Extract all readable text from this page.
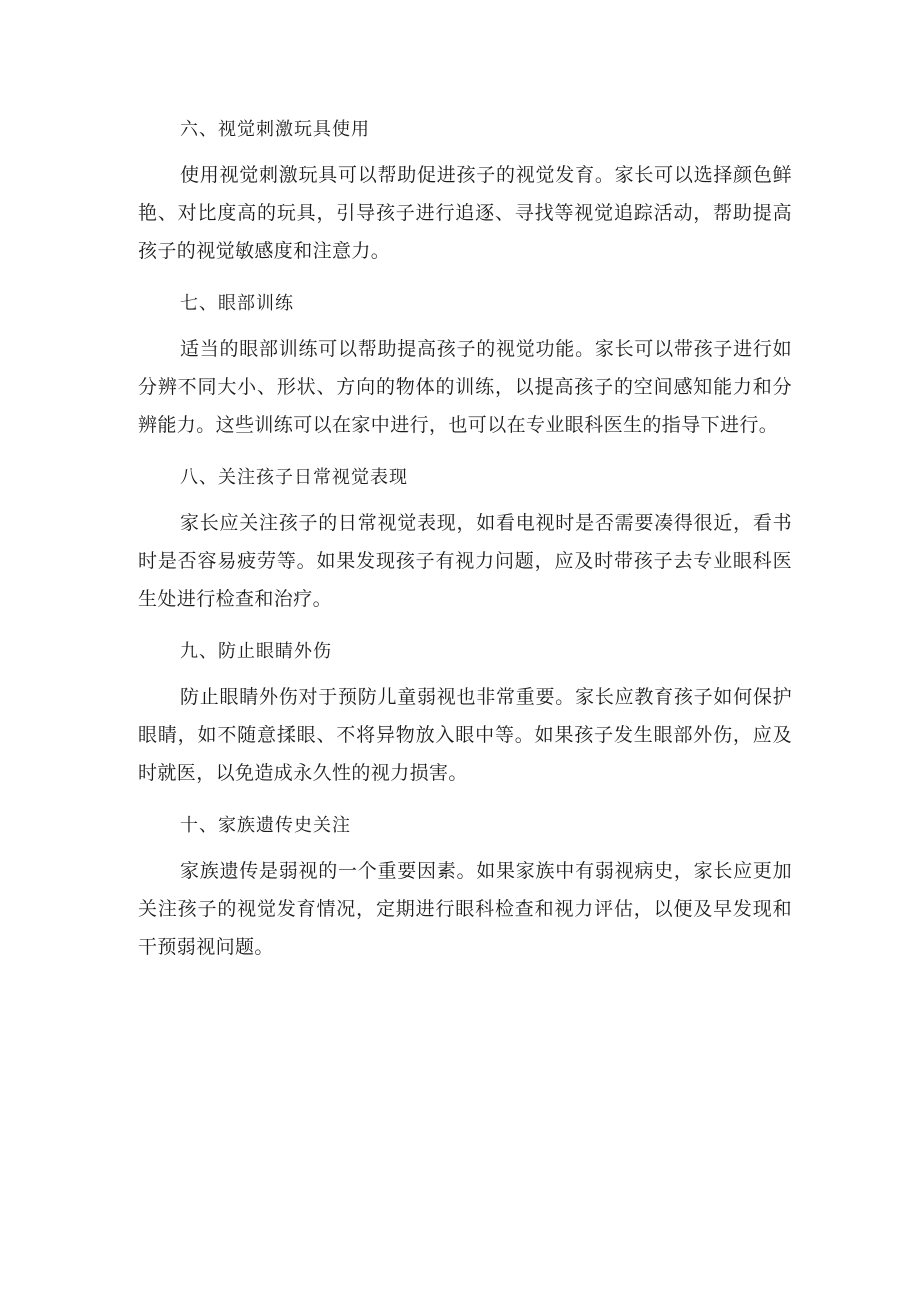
六、视觉刺激玩具使用

使用视觉刺激玩具可以帮助促进孩子的视觉发育。家长可以选择颜色鲜艳、对比度高的玩具，引导孩子进行追逐、寻找等视觉追踪活动，帮助提高孩子的视觉敏感度和注意力。

七、眼部训练

适当的眼部训练可以帮助提高孩子的视觉功能。家长可以带孩子进行如分辨不同大小、形状、方向的物体的训练，以提高孩子的空间感知能力和分辨能力。这些训练可以在家中进行，也可以在专业眼科医生的指导下进行。

八、关注孩子日常视觉表现

家长应关注孩子的日常视觉表现，如看电视时是否需要凑得很近，看书时是否容易疲劳等。如果发现孩子有视力问题，应及时带孩子去专业眼科医生处进行检查和治疗。

九、防止眼睛外伤

防止眼睛外伤对于预防儿童弱视也非常重要。家长应教育孩子如何保护眼睛，如不随意揉眼、不将异物放入眼中等。如果孩子发生眼部外伤，应及时就医，以免造成永久性的视力损害。

十、家族遗传史关注

家族遗传是弱视的一个重要因素。如果家族中有弱视病史，家长应更加关注孩子的视觉发育情况，定期进行眼科检查和视力评估，以便及早发现和干预弱视问题。
